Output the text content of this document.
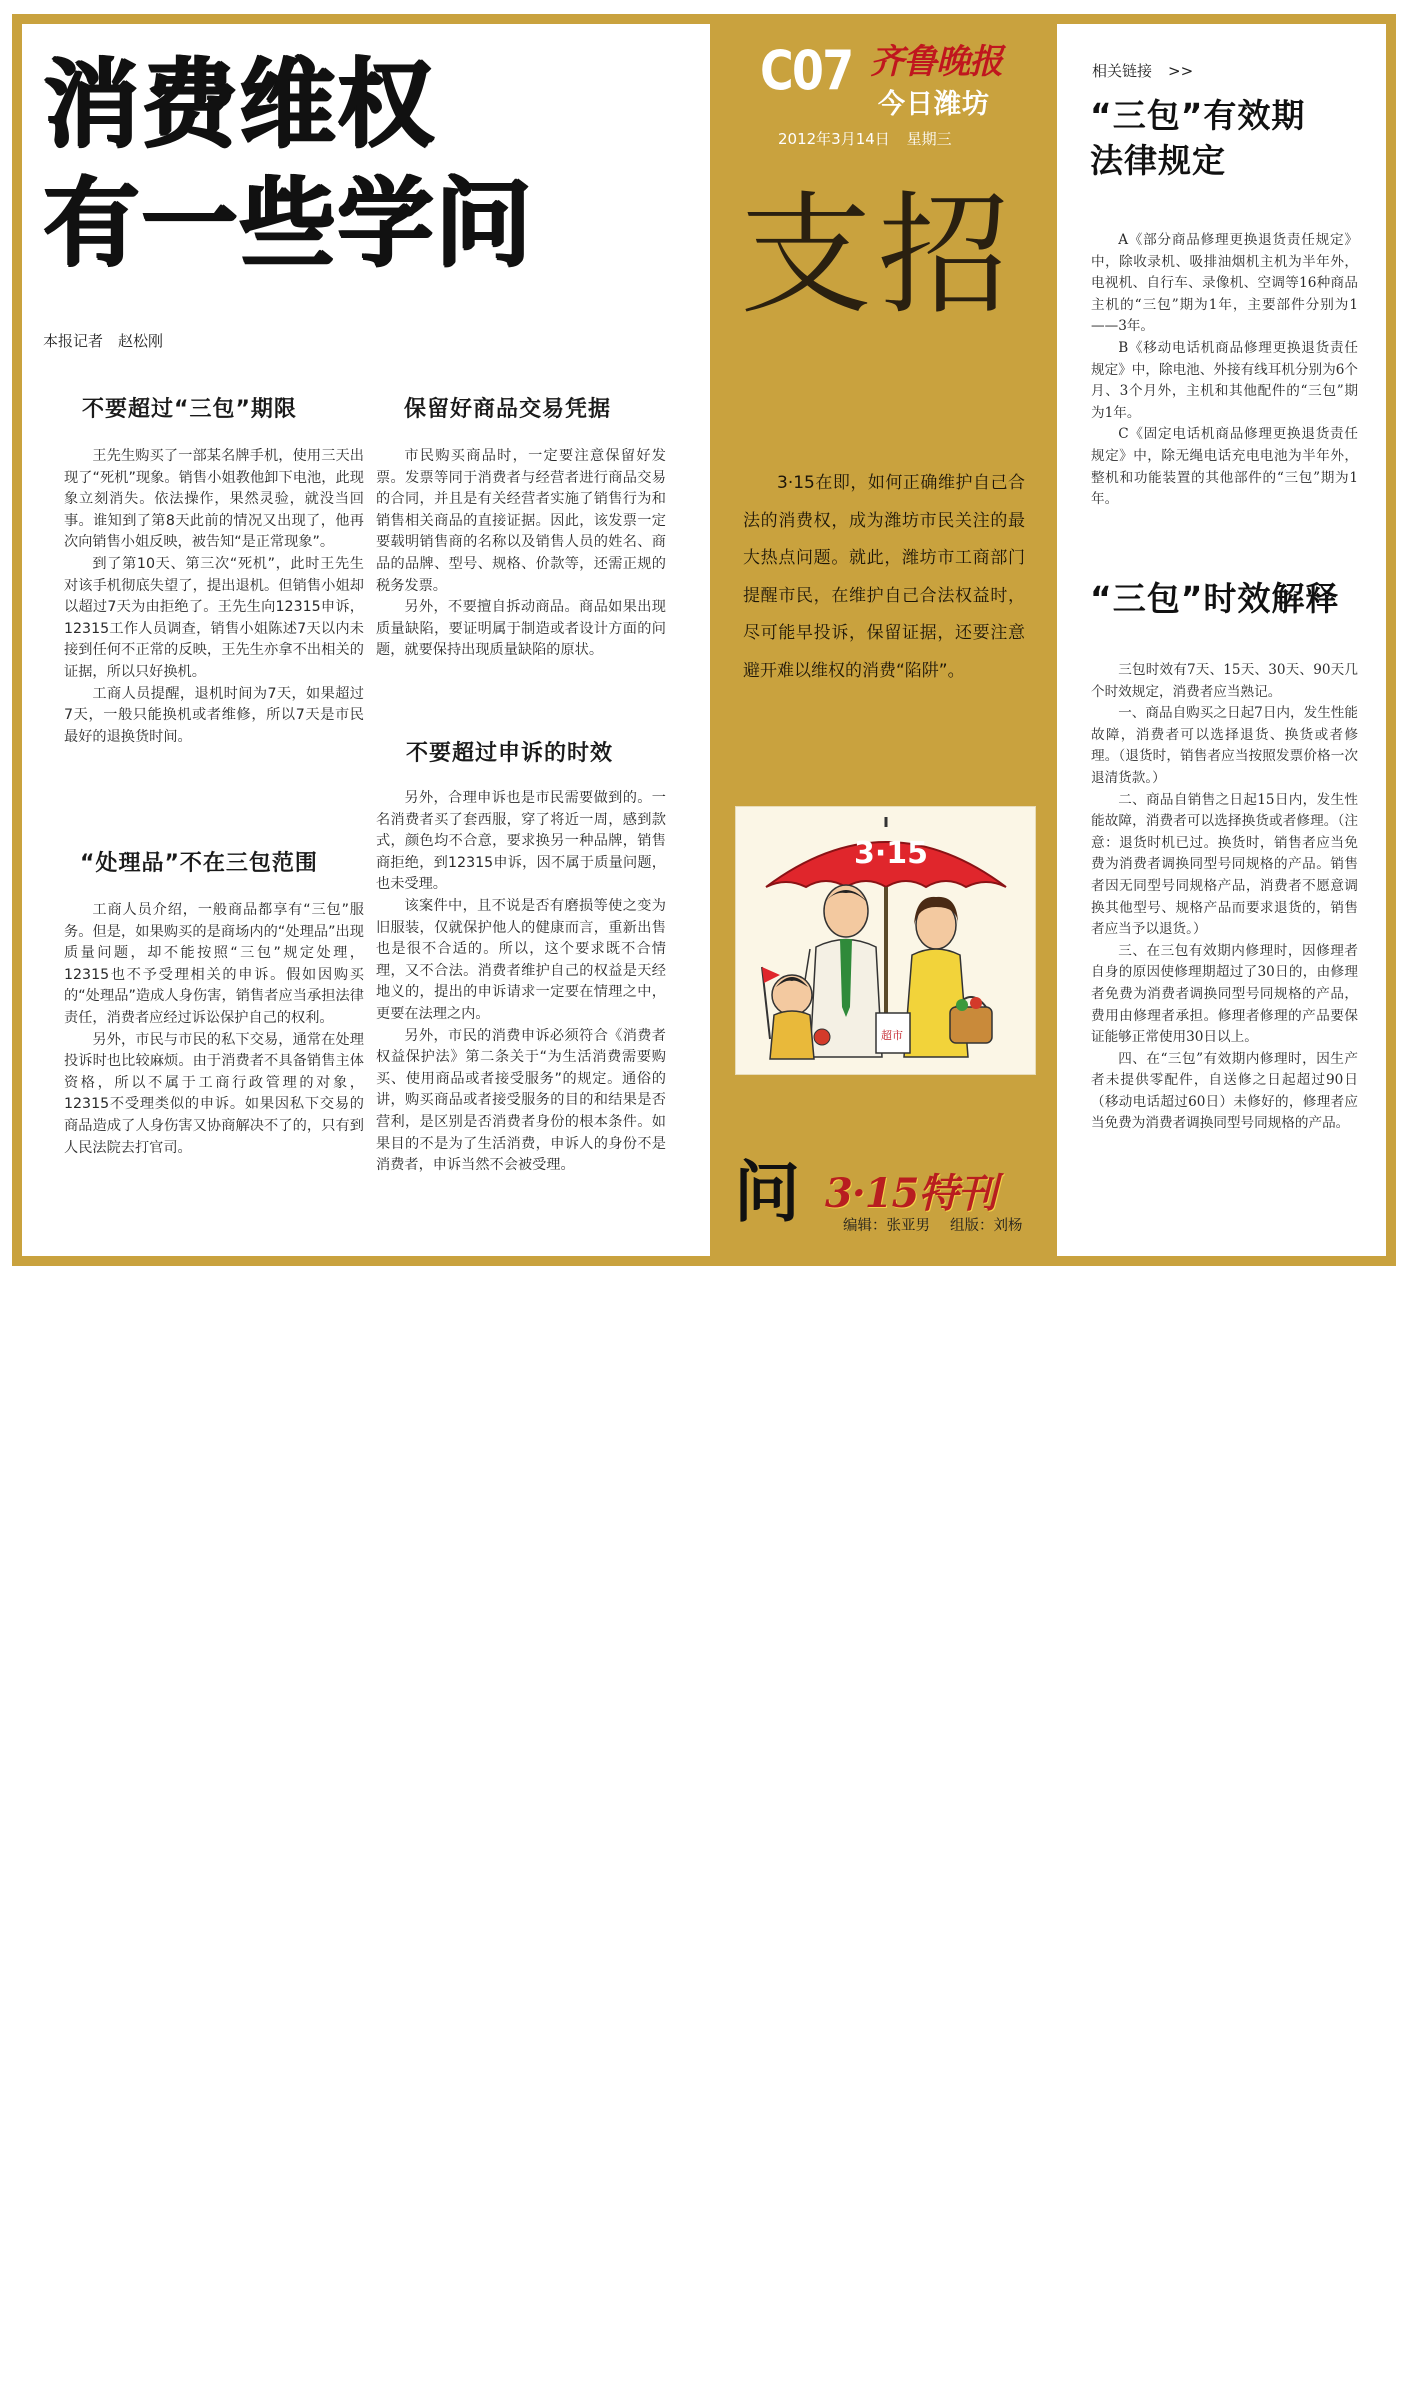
消费维权
有一些学问
本报记者　赵松刚
不要超过“三包”期限

王先生购买了一部某名牌手机，使用三天出现了“死机”现象。销售小姐教他卸下电池，此现象立刻消失。依法操作，果然灵验，就没当回事。谁知到了第8天此前的情况又出现了，他再次向销售小姐反映，被告知“是正常现象”。

到了第10天、第三次“死机”，此时王先生对该手机彻底失望了，提出退机。但销售小姐却以超过7天为由拒绝了。王先生向12315申诉，12315工作人员调查，销售小姐陈述7天以内未接到任何不正常的反映，王先生亦拿不出相关的证据，所以只好换机。

工商人员提醒，退机时间为7天，如果超过7天，一般只能换机或者维修，所以7天是市民最好的退换货时间。

“处理品”不在三包范围

工商人员介绍，一般商品都享有“三包”服务。但是，如果购买的是商场内的“处理品”出现质量问题，却不能按照“三包”规定处理，12315也不予受理相关的申诉。假如因购买的“处理品”造成人身伤害，销售者应当承担法律责任，消费者应经过诉讼保护自己的权利。

另外，市民与市民的私下交易，通常在处理投诉时也比较麻烦。由于消费者不具备销售主体资格，所以不属于工商行政管理的对象，12315不受理类似的申诉。如果因私下交易的商品造成了人身伤害又协商解决不了的，只有到人民法院去打官司。

保留好商品交易凭据

市民购买商品时，一定要注意保留好发票。发票等同于消费者与经营者进行商品交易的合同，并且是有关经营者实施了销售行为和销售相关商品的直接证据。因此，该发票一定要载明销售商的名称以及销售人员的姓名、商品的品牌、型号、规格、价款等，还需正规的税务发票。

另外，不要擅自拆动商品。商品如果出现质量缺陷，要证明属于制造或者设计方面的问题，就要保持出现质量缺陷的原状。

不要超过申诉的时效

另外，合理申诉也是市民需要做到的。一名消费者买了套西服，穿了将近一周，感到款式，颜色均不合意，要求换另一种品牌，销售商拒绝，到12315申诉，因不属于质量问题，也未受理。

该案件中，且不说是否有磨损等使之变为旧服装，仅就保护他人的健康而言，重新出售也是很不合适的。所以，这个要求既不合情理，又不合法。消费者维护自己的权益是天经地义的，提出的申诉请求一定要在情理之中，更要在法理之内。

另外，市民的消费申诉必须符合《消费者权益保护法》第二条关于“为生活消费需要购买、使用商品或者接受服务”的规定。通俗的讲，购买商品或者接受服务的目的和结果是否营利，是区别是否消费者身份的根本条件。如果目的不是为了生活消费，申诉人的身份不是消费者，申诉当然不会被受理。

C07 齐鲁晚报
今日潍坊
2012年3月14日 星期三
支招

3·15在即，如何正确维护自己合法的消费权，成为潍坊市民关注的最大热点问题。就此，潍坊市工商部门提醒市民，在维护自己合法权益时，尽可能早投诉，保留证据，还要注意避开难以维权的消费“陷阱”。

3·15
超市
问 3·15特刊
编辑：张亚男 组版：刘杨
相关链接 >>
“三包”有效期
法律规定

A《部分商品修理更换退货责任规定》中，除收录机、吸排油烟机主机为半年外，电视机、自行车、录像机、空调等16种商品主机的“三包”期为1年，主要部件分别为1——3年。

B《移动电话机商品修理更换退货责任规定》中，除电池、外接有线耳机分别为6个月、3个月外，主机和其他配件的“三包”期为1年。

C《固定电话机商品修理更换退货责任规定》中，除无绳电话充电电池为半年外，整机和功能装置的其他部件的“三包”期为1年。

“三包”时效解释

三包时效有7天、15天、30天、90天几个时效规定，消费者应当熟记。

一、商品自购买之日起7日内，发生性能故障，消费者可以选择退货、换货或者修理。（退货时，销售者应当按照发票价格一次退清货款。）

二、商品自销售之日起15日内，发生性能故障，消费者可以选择换货或者修理。（注意：退货时机已过。换货时，销售者应当免费为消费者调换同型号同规格的产品。销售者因无同型号同规格产品，消费者不愿意调换其他型号、规格产品而要求退货的，销售者应当予以退货。）

三、在三包有效期内修理时，因修理者自身的原因使修理期超过了30日的，由修理者免费为消费者调换同型号同规格的产品，费用由修理者承担。修理者修理的产品要保证能够正常使用30日以上。

四、在“三包”有效期内修理时，因生产者未提供零配件，自送修之日起超过90日（移动电话超过60日）未修好的，修理者应当免费为消费者调换同型号同规格的产品。
